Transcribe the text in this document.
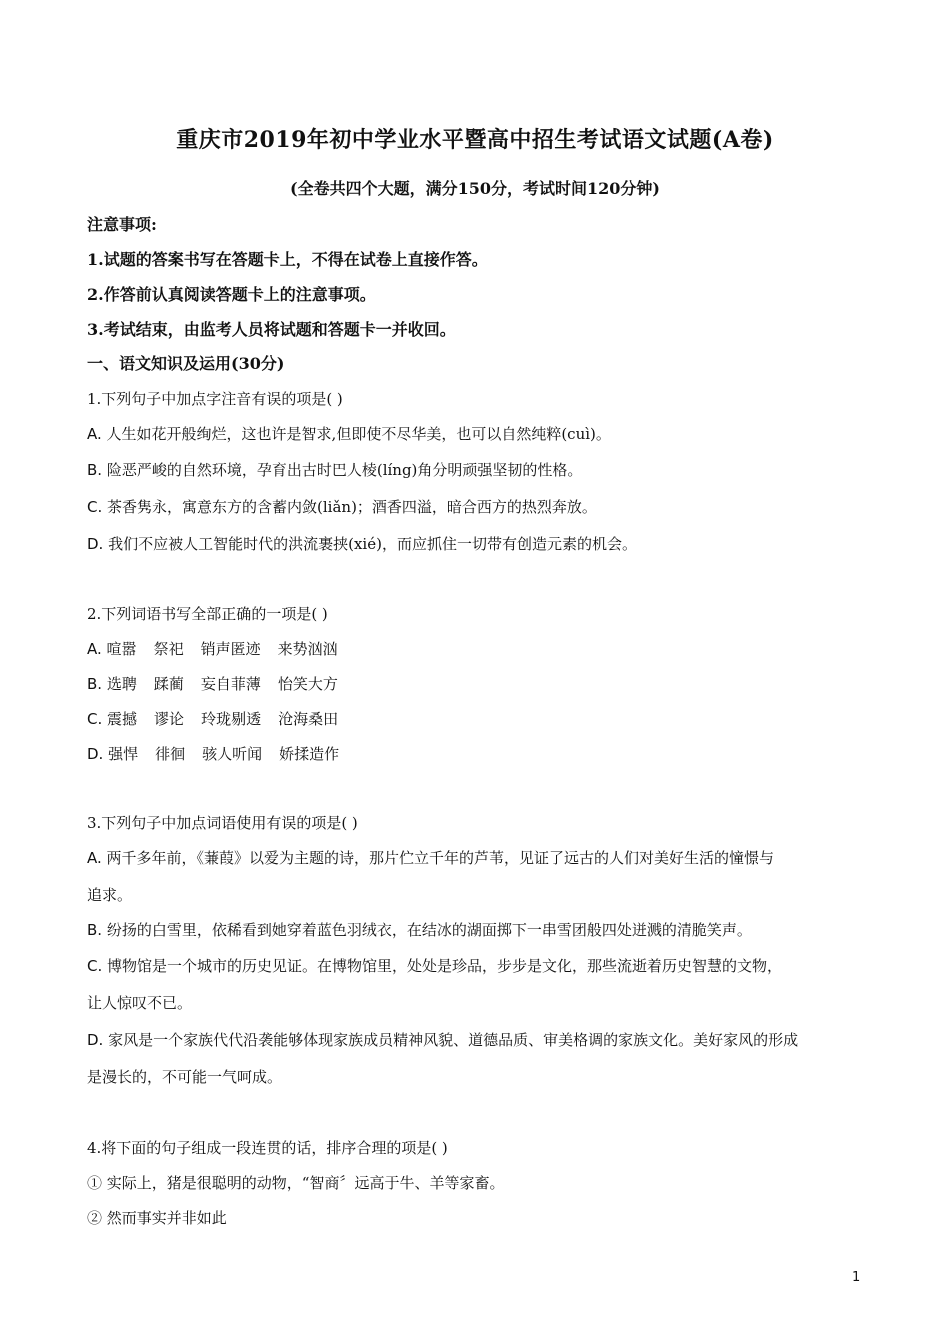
重庆市2019年初中学业水平暨高中招生考试语文试题(A卷)
(全卷共四个大题，满分150分，考试时间120分钟)
注意事项:
1.试题的答案书写在答题卡上，不得在试卷上直接作答。
2.作答前认真阅读答题卡上的注意事项。
3.考试结束，由监考人员将试题和答题卡一并收回。
一、语文知识及运用(30分)
1.下列句子中加点字注音有误的项是( )
A. 人生如花开般绚烂，这也许是智求,但即使不尽华美，也可以自然纯粹(cuì)。
B. 险恶严峻的自然环境，孕育出古时巴人棱(líng)角分明顽强坚韧的性格。
C. 茶香隽永，寓意东方的含蓄内敛(liǎn)；酒香四溢，暗合西方的热烈奔放。
D. 我们不应被人工智能时代的洪流裹挟(xié)，而应抓住一切带有创造元素的机会。
2.下列词语书写全部正确的一项是( )
A. 喧嚣 祭祀 销声匿迹 来势汹汹
B. 选聘 蹂蔺 妄自菲薄 怡笑大方
C. 震撼 谬论 玲珑剔透 沧海桑田
D. 强悍 徘徊 骇人听闻 娇揉造作
3.下列句子中加点词语使用有误的项是( )
A. 两千多年前，《蒹葭》以爱为主题的诗，那片伫立千年的芦苇，见证了远古的人们对美好生活的憧憬与
追求。
B. 纷扬的白雪里，依稀看到她穿着蓝色羽绒衣，在结冰的湖面掷下一串雪团般四处迸溅的清脆笑声。
C. 博物馆是一个城市的历史见证。在博物馆里，处处是珍品，步步是文化，那些流逝着历史智慧的文物，
让人惊叹不已。
D. 家风是一个家族代代沿袭能够体现家族成员精神风貌、道德品质、审美格调的家族文化。美好家风的形成
是漫长的，不可能一气呵成。
4.将下面的句子组成一段连贯的话，排序合理的项是( )
① 实际上，猪是很聪明的动物，“智商〞远高于牛、羊等家畜。
② 然而事实并非如此
1
